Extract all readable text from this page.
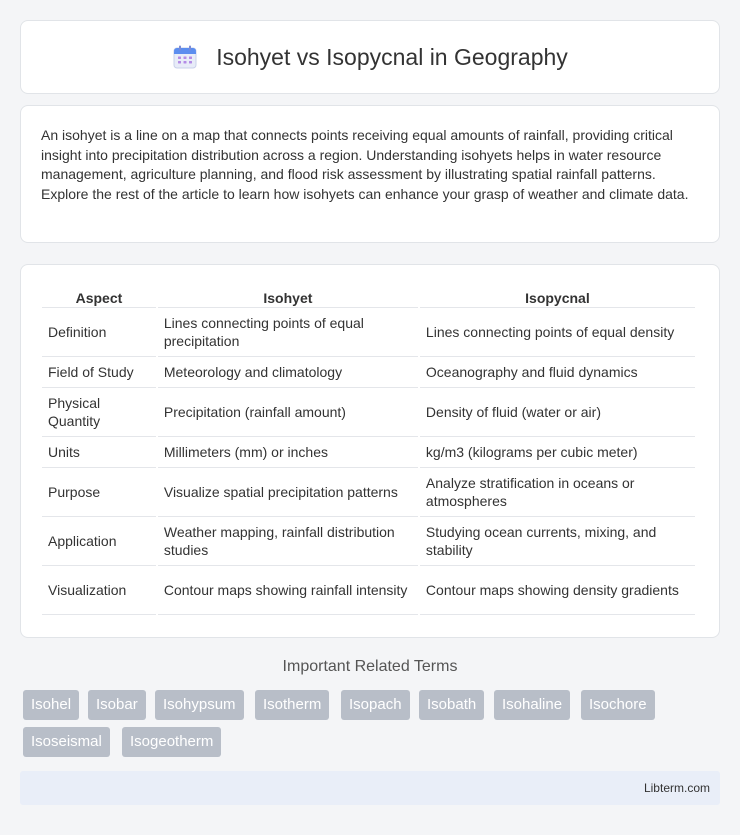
Isohyet vs Isopycnal in Geography

An isohyet is a line on a map that connects points receiving equal amounts of rainfall, providing critical insight into precipitation distribution across a region. Understanding isohyets helps in water resource management, agriculture planning, and flood risk assessment by illustrating spatial rainfall patterns. Explore the rest of the article to learn how isohyets can enhance your grasp of weather and climate data.

Aspect	Isohyet	Isopycnal
Definition	Lines connecting points of equal precipitation	Lines connecting points of equal density
Field of Study	Meteorology and climatology	Oceanography and fluid dynamics
Physical Quantity	Precipitation (rainfall amount)	Density of fluid (water or air)
Units	Millimeters (mm) or inches	kg/m3 (kilograms per cubic meter)
Purpose	Visualize spatial precipitation patterns	Analyze stratification in oceans or atmospheres
Application	Weather mapping, rainfall distribution studies	Studying ocean currents, mixing, and stability
Visualization	Contour maps showing rainfall intensity	Contour maps showing density gradients
Important Related Terms
Isohel	Isobar	Isohypsum	Isotherm	Isopach	Isobath	Isohaline	Isochore
Isoseismal	Isogeotherm
Libterm.com
